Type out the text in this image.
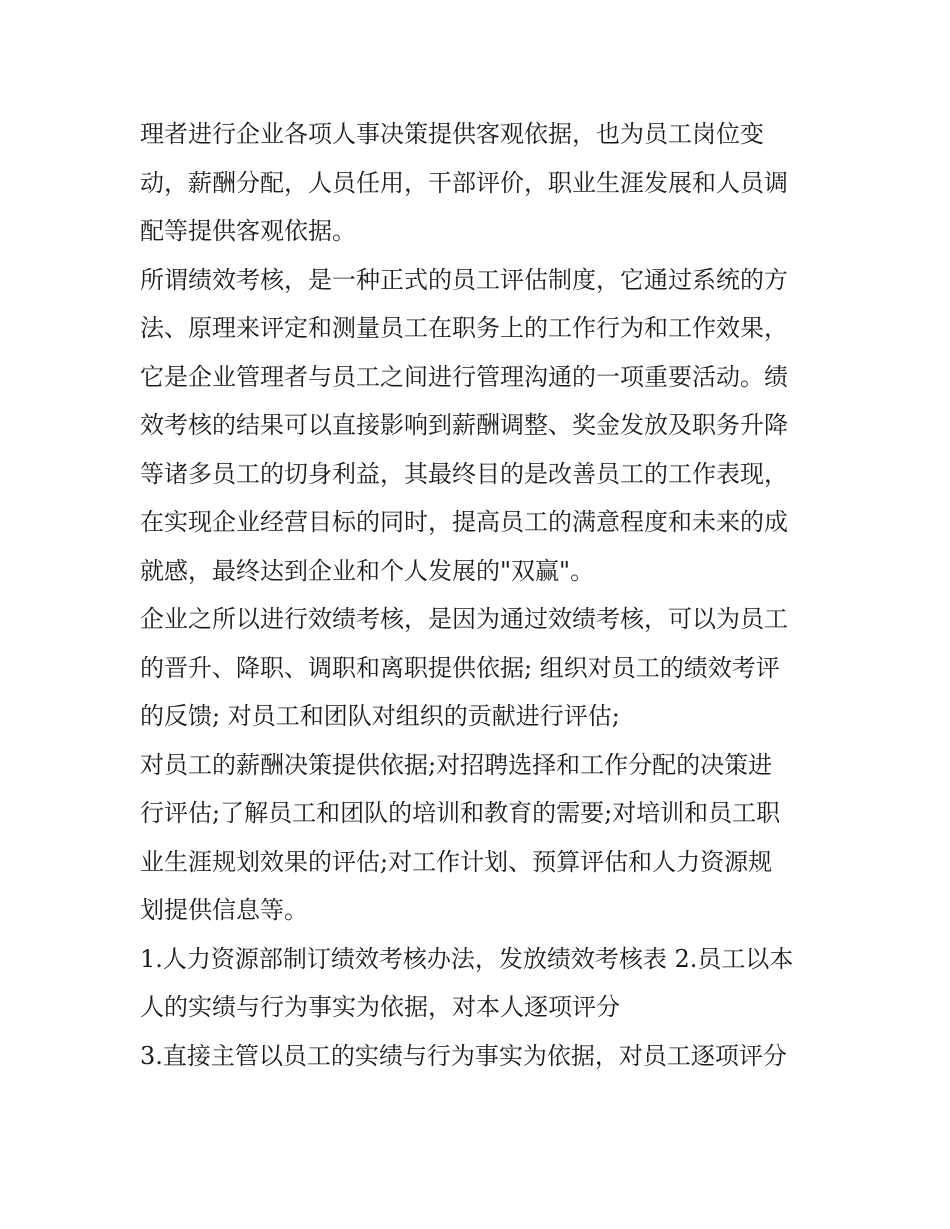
理者进行企业各项人事决策提供客观依据，也为员工岗位变
动，薪酬分配，人员任用，干部评价，职业生涯发展和人员调
配等提供客观依据。

所谓绩效考核，是一种正式的员工评估制度，它通过系统的方
法、原理来评定和测量员工在职务上的工作行为和工作效果，
它是企业管理者与员工之间进行管理沟通的一项重要活动。绩
效考核的结果可以直接影响到薪酬调整、奖金发放及职务升降
等诸多员工的切身利益，其最终目的是改善员工的工作表现，
在实现企业经营目标的同时，提高员工的满意程度和未来的成
就感，最终达到企业和个人发展的"双赢"。

企业之所以进行效绩考核，是因为通过效绩考核，可以为员工
的晋升、降职、调职和离职提供依据; 组织对员工的绩效考评
的反馈; 对员工和团队对组织的贡献进行评估;

对员工的薪酬决策提供依据;对招聘选择和工作分配的决策进
行评估;了解员工和团队的培训和教育的需要;对培训和员工职
业生涯规划效果的评估;对工作计划、预算评估和人力资源规
划提供信息等。

1.人力资源部制订绩效考核办法，发放绩效考核表 2.员工以本
人的实绩与行为事实为依据，对本人逐项评分

3.直接主管以员工的实绩与行为事实为依据，对员工逐项评分
